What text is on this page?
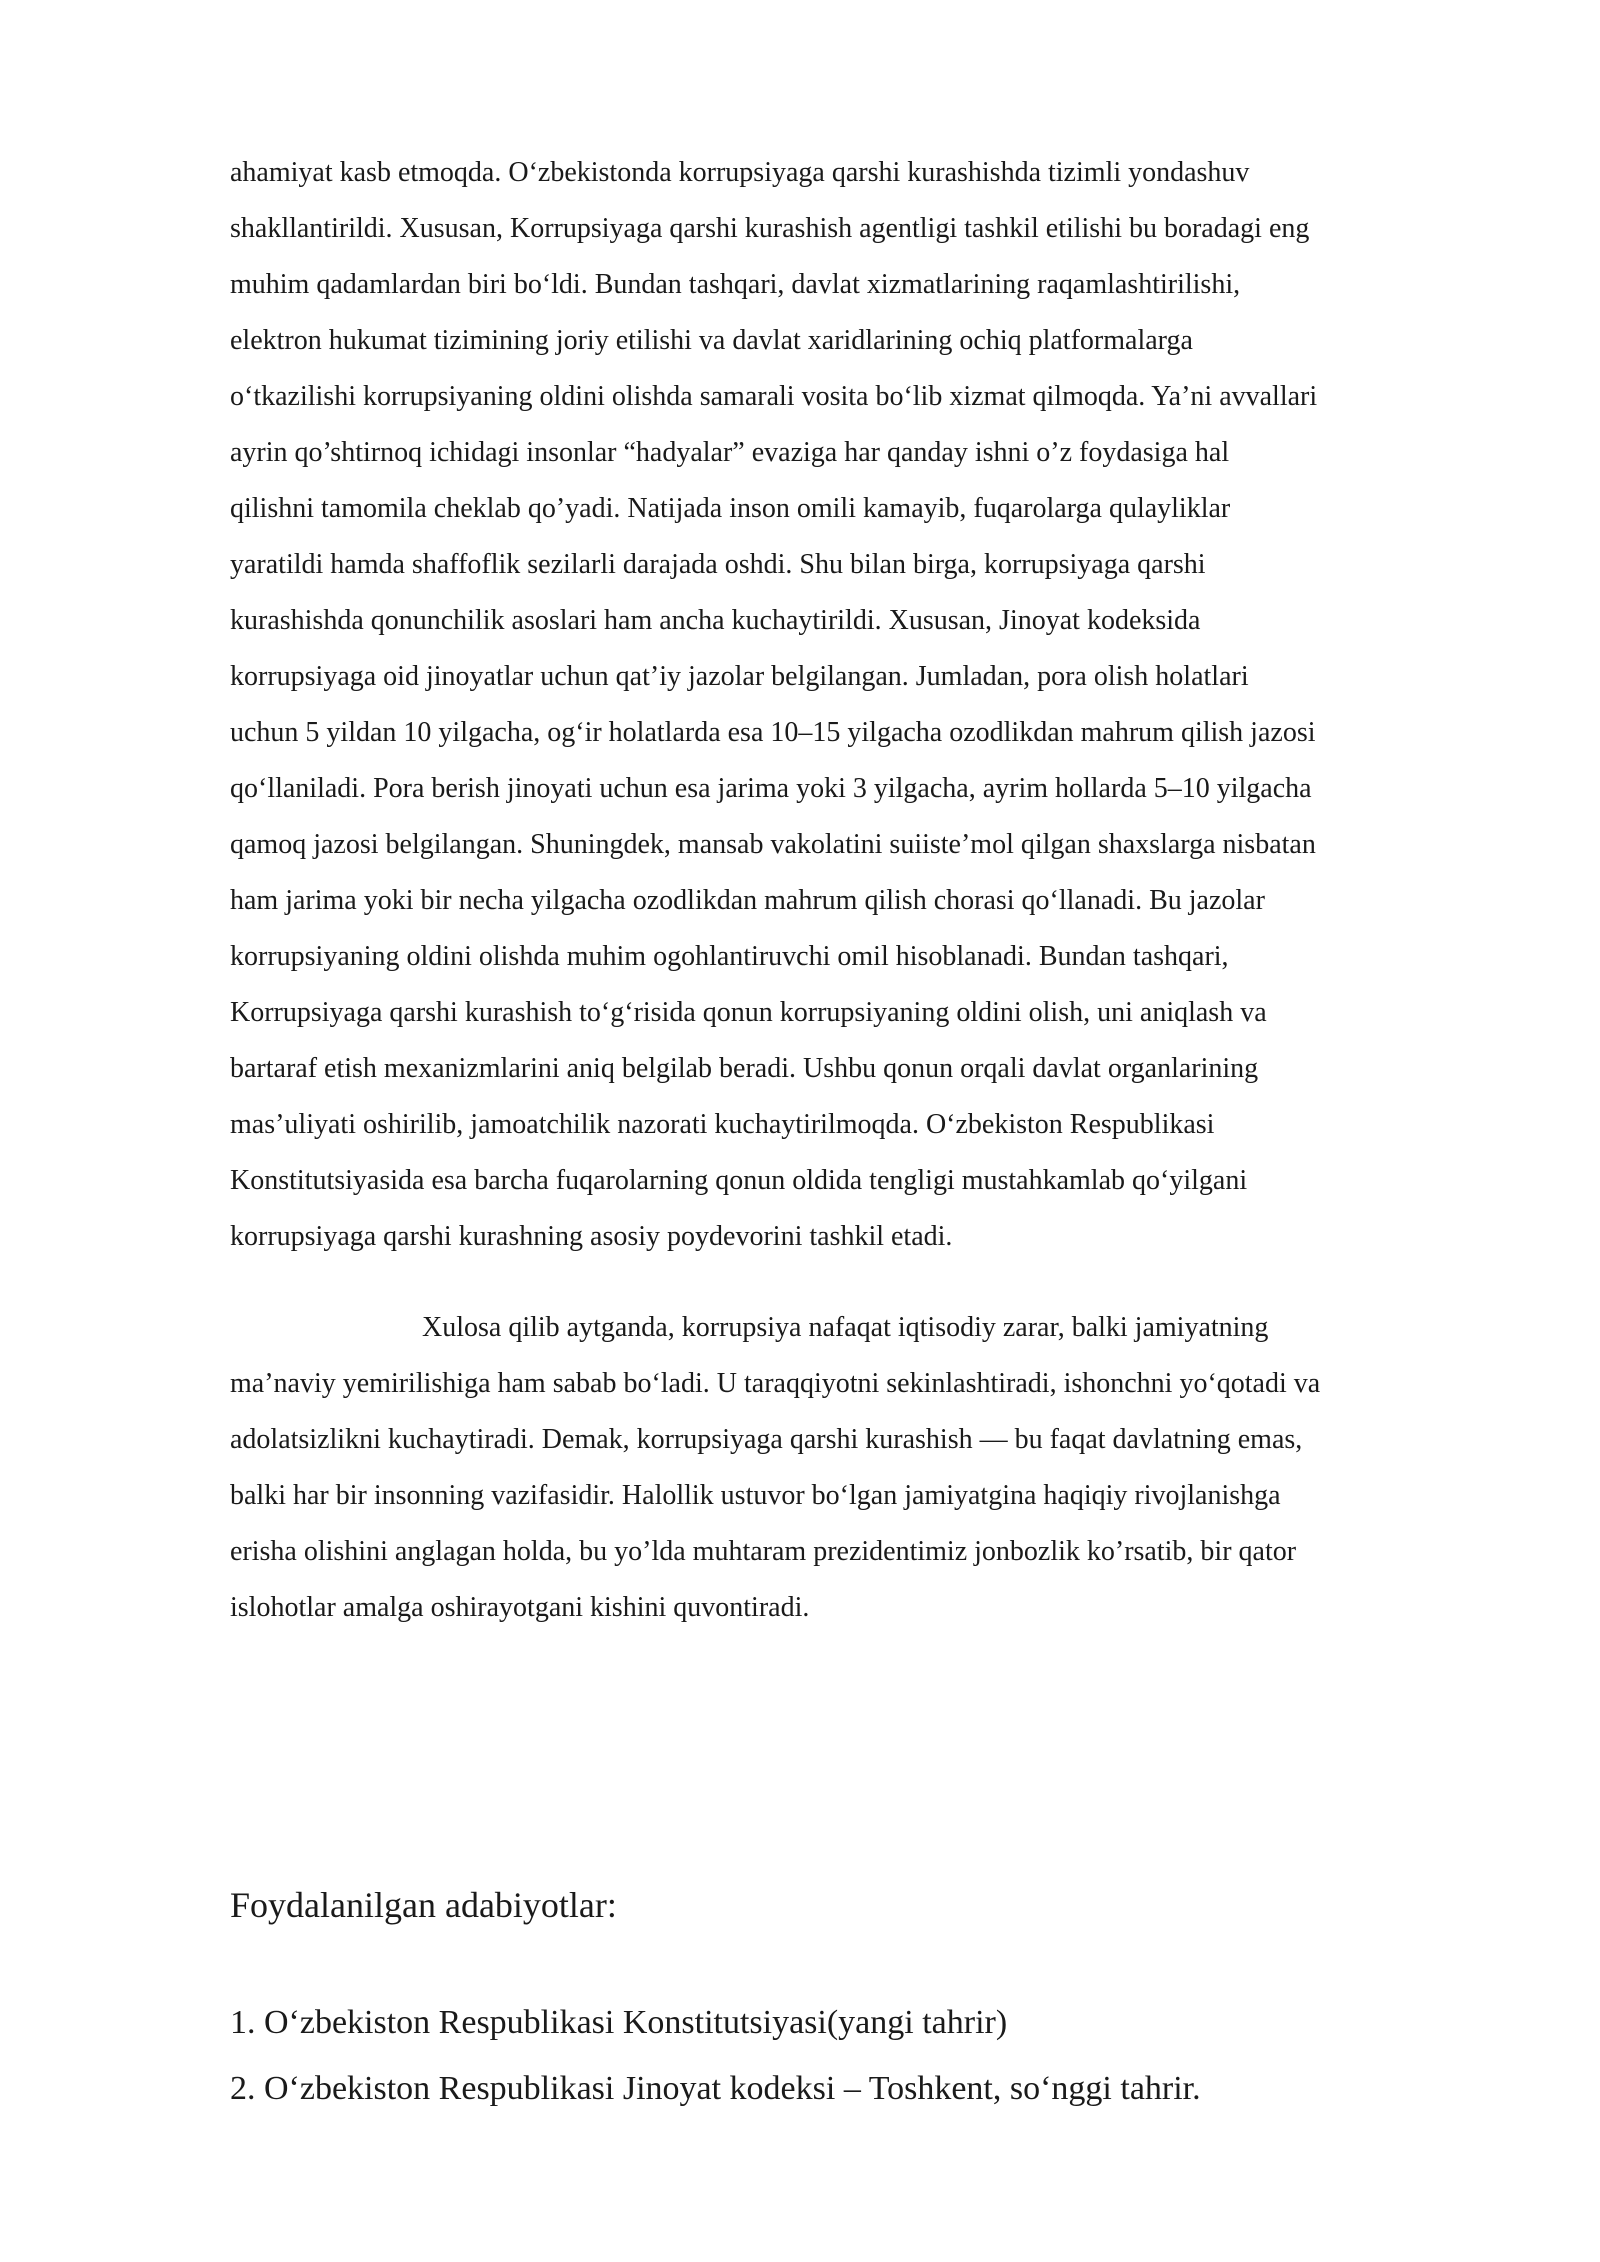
ahamiyat kasb etmoqda. O‘zbekistonda korrupsiyaga qarshi kurashishda tizimli yondashuv
shakllantirildi. Xususan, Korrupsiyaga qarshi kurashish agentligi tashkil etilishi bu boradagi eng
muhim qadamlardan biri bo‘ldi. Bundan tashqari, davlat xizmatlarining raqamlashtirilishi,
elektron hukumat tizimining joriy etilishi va davlat xaridlarining ochiq platformalarga
o‘tkazilishi korrupsiyaning oldini olishda samarali vosita bo‘lib xizmat qilmoqda. Ya’ni avvallari
ayrin qo’shtirnoq ichidagi insonlar “hadyalar” evaziga har qanday ishni o’z foydasiga hal
qilishni tamomila cheklab qo’yadi. Natijada inson omili kamayib, fuqarolarga qulayliklar
yaratildi hamda shaffoflik sezilarli darajada oshdi. Shu bilan birga, korrupsiyaga qarshi
kurashishda qonunchilik asoslari ham ancha kuchaytirildi. Xususan, Jinoyat kodeksida
korrupsiyaga oid jinoyatlar uchun qat’iy jazolar belgilangan. Jumladan, pora olish holatlari
uchun 5 yildan 10 yilgacha, og‘ir holatlarda esa 10–15 yilgacha ozodlikdan mahrum qilish jazosi
qo‘llaniladi. Pora berish jinoyati uchun esa jarima yoki 3 yilgacha, ayrim hollarda 5–10 yilgacha
qamoq jazosi belgilangan. Shuningdek, mansab vakolatini suiiste’mol qilgan shaxslarga nisbatan
ham jarima yoki bir necha yilgacha ozodlikdan mahrum qilish chorasi qo‘llanadi. Bu jazolar
korrupsiyaning oldini olishda muhim ogohlantiruvchi omil hisoblanadi. Bundan tashqari,
Korrupsiyaga qarshi kurashish to‘g‘risida qonun korrupsiyaning oldini olish, uni aniqlash va
bartaraf etish mexanizmlarini aniq belgilab beradi. Ushbu qonun orqali davlat organlarining
mas’uliyati oshirilib, jamoatchilik nazorati kuchaytirilmoqda. O‘zbekiston Respublikasi
Konstitutsiyasida esa barcha fuqarolarning qonun oldida tengligi mustahkamlab qo‘yilgani
korrupsiyaga qarshi kurashning asosiy poydevorini tashkil etadi.
Xulosa qilib aytganda, korrupsiya nafaqat iqtisodiy zarar, balki jamiyatning
ma’naviy yemirilishiga ham sabab bo‘ladi. U taraqqiyotni sekinlashtiradi, ishonchni yo‘qotadi va
adolatsizlikni kuchaytiradi. Demak, korrupsiyaga qarshi kurashish — bu faqat davlatning emas,
balki har bir insonning vazifasidir. Halollik ustuvor bo‘lgan jamiyatgina haqiqiy rivojlanishga
erisha olishini anglagan holda, bu yo’lda muhtaram prezidentimiz jonbozlik ko’rsatib, bir qator
islohotlar amalga oshirayotgani kishini quvontiradi.
Foydalanilgan adabiyotlar:
1. O‘zbekiston Respublikasi Konstitutsiyasi(yangi tahrir)
2. O‘zbekiston Respublikasi Jinoyat kodeksi – Toshkent, so‘nggi tahrir.
